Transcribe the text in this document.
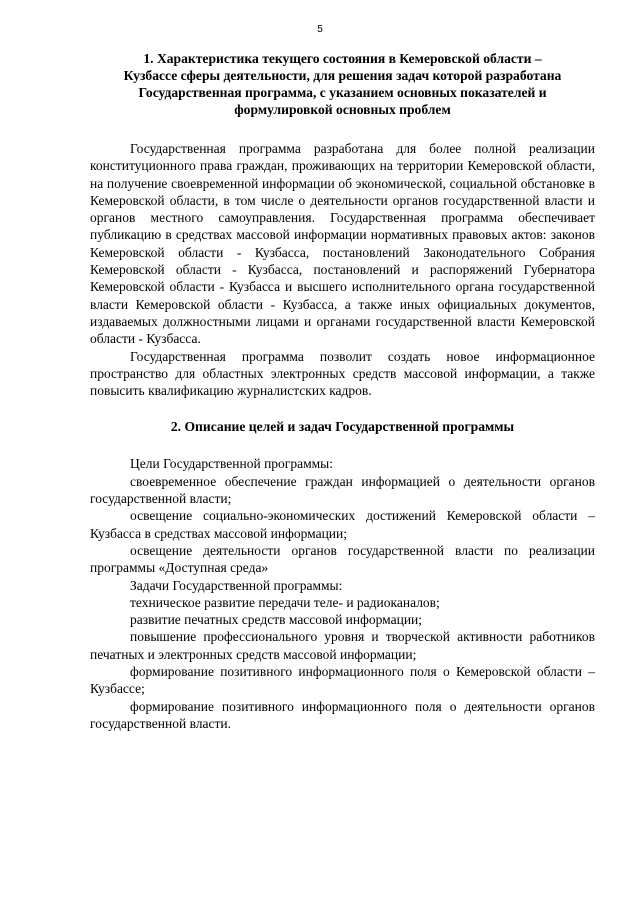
5
1. Характеристика текущего состояния в Кемеровской области –
Кузбассе сферы деятельности, для решения задач которой разработана
Государственная программа, с указанием основных показателей и
формулировкой основных проблем

Государственная программа разработана для более полной реализации конституционного права граждан, проживающих на территории Кемеровской области, на получение своевременной информации об экономической, социальной обстановке в Кемеровской области, в том числе о деятельности органов государственной власти и органов местного самоуправления. Государственная программа обеспечивает публикацию в средствах массовой информации нормативных правовых актов: законов Кемеровской области - Кузбасса, постановлений Законодательного Собрания Кемеровской области - Кузбасса, постановлений и распоряжений Губернатора Кемеровской области - Кузбасса и высшего исполнительного органа государственной власти Кемеровской области - Кузбасса, а также иных официальных документов, издаваемых должностными лицами и органами государственной власти Кемеровской области - Кузбасса.

Государственная программа позволит создать новое информационное пространство для областных электронных средств массовой информации, а также повысить квалификацию журналистских кадров.

2. Описание целей и задач Государственной программы

Цели Государственной программы:

своевременное обеспечение граждан информацией о деятельности органов государственной власти;

освещение социально-экономических достижений Кемеровской области – Кузбасса в средствах массовой информации;

освещение деятельности органов государственной власти по реализации программы «Доступная среда»

Задачи Государственной программы:

техническое развитие передачи теле- и радиоканалов;

развитие печатных средств массовой информации;

повышение профессионального уровня и творческой активности работников печатных и электронных средств массовой информации;

формирование позитивного информационного поля о Кемеровской области – Кузбассе;

формирование позитивного информационного поля о деятельности органов государственной власти.
